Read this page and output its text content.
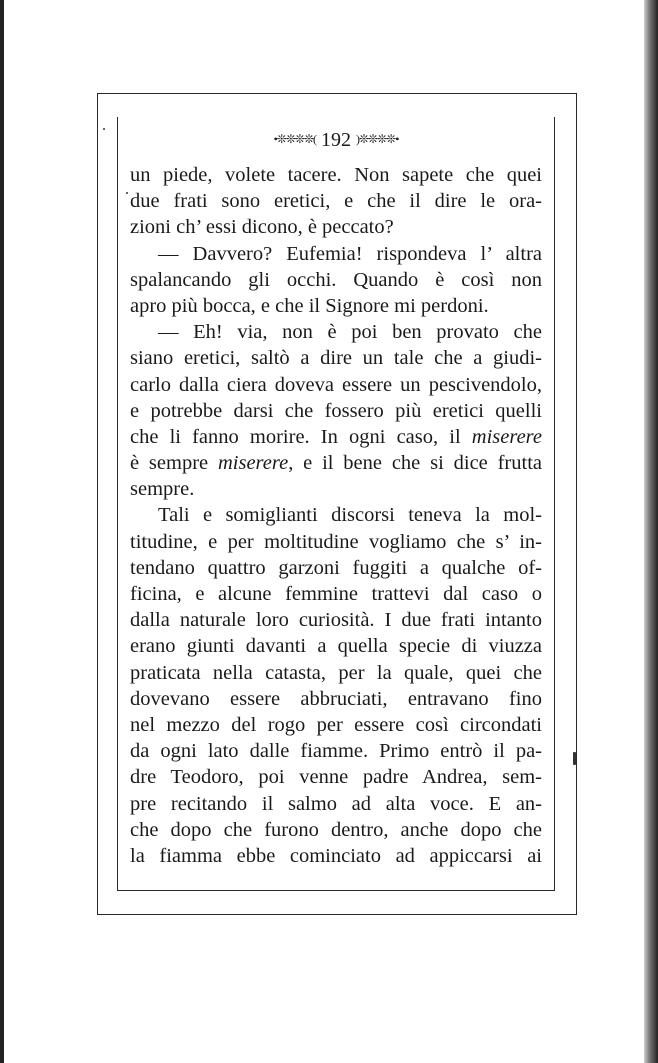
•❊❊❊❊( 192 )❊❊❊❊•
un piede, volete tacere. Non sapete che quei
due frati sono eretici, e che il dire le ora-
zioni ch’ essi dicono, è peccato?
— Davvero? Eufemia! rispondeva l’ altra
spalancando gli occhi. Quando è così non
apro più bocca, e che il Signore mi perdoni.
— Eh! via, non è poi ben provato che
siano eretici, saltò a dire un tale che a giudi-
carlo dalla ciera doveva essere un pescivendolo,
e potrebbe darsi che fossero più eretici quelli
che li fanno morire. In ogni caso, il miserere
è sempre miserere, e il bene che si dice frutta
sempre.
Tali e somiglianti discorsi teneva la mol-
titudine, e per moltitudine vogliamo che s’ in-
tendano quattro garzoni fuggiti a qualche of-
ficina, e alcune femmine trattevi dal caso o
dalla naturale loro curiosità. I due frati intanto
erano giunti davanti a quella specie di viuzza
praticata nella catasta, per la quale, quei che
dovevano essere abbruciati, entravano fino
nel mezzo del rogo per essere così circondati
da ogni lato dalle fiamme. Primo entrò il pa-
dre Teodoro, poi venne padre Andrea, sem-
pre recitando il salmo ad alta voce. E an-
che dopo che furono dentro, anche dopo che
la fiamma ebbe cominciato ad appiccarsi ai
